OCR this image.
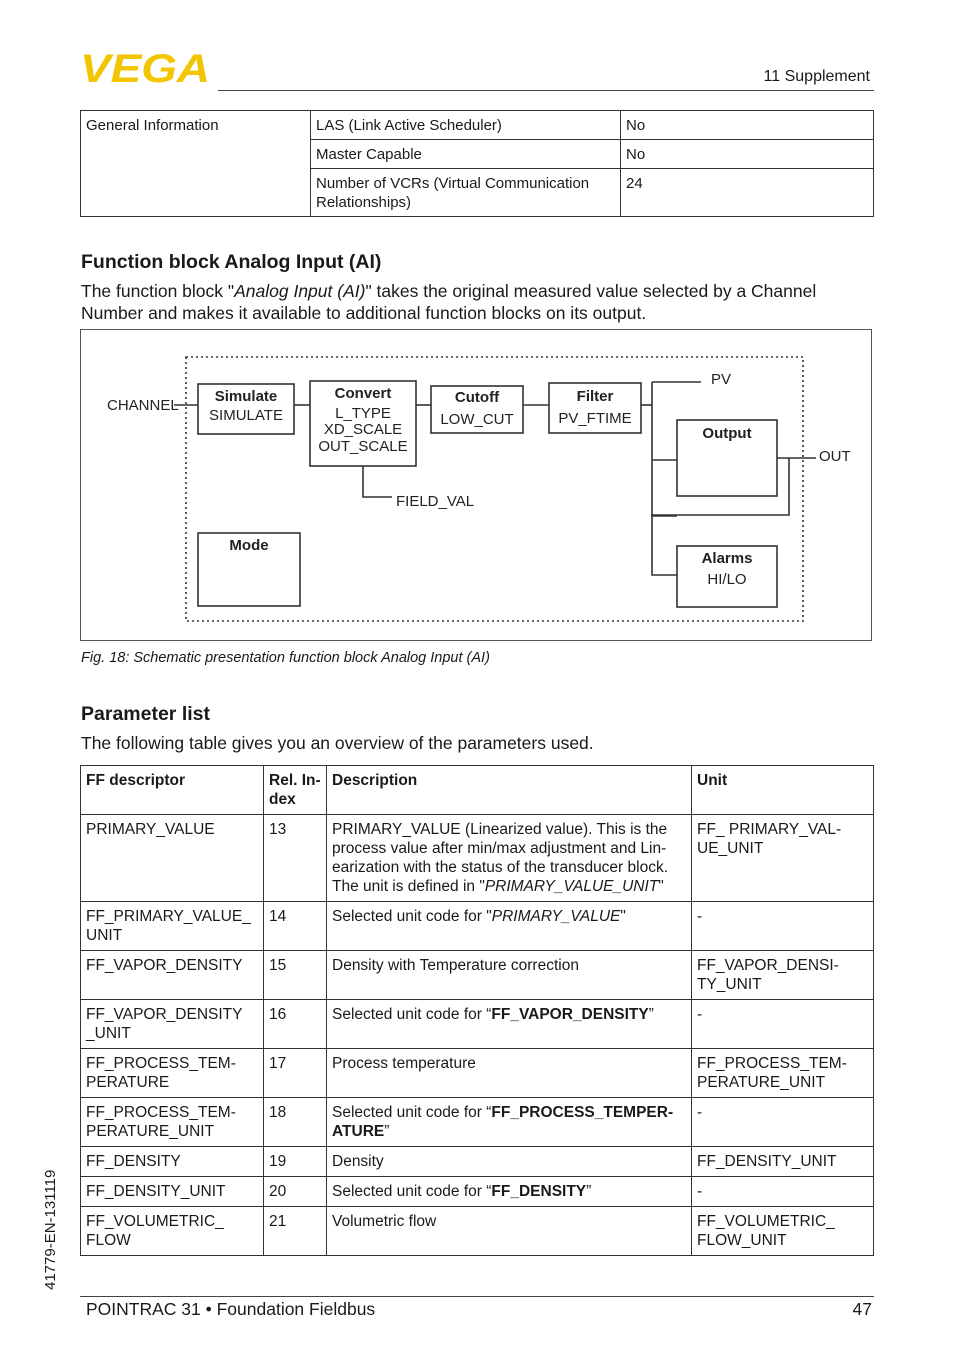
VEGA	11 Supplement
General Information	LAS (Link Active Scheduler)	No
	Master Capable	No
	Number of VCRs (Virtual Communication Relationships)	24
Function block Analog Input (AI)
The function block "Analog Input (AI)" takes the original measured value selected by a Channel Number and makes it available to additional function blocks on its output.
CHANNEL
Simulate
SIMULATE
Convert
L_TYPE
XD_SCALE
OUT_SCALE
Cutoff
LOW_CUT
Filter
PV_FTIME
Output
Mode
Alarms
HI/LO
FIELD_VAL
PV
OUT
Fig. 18: Schematic presentation function block Analog Input (AI)
Parameter list
The following table gives you an overview of the parameters used.
FF descriptor	Rel. In- dex	Description	Unit
PRIMARY_VALUE	13	PRIMARY_VALUE (Linearized value). This is the process value after min/max adjustment and Lin- earization with the status of the transducer block. The unit is defined in "PRIMARY_VALUE_UNIT"	FF_ PRIMARY_VAL- UE_UNIT
FF_PRIMARY_VALUE_ UNIT	14	Selected unit code for "PRIMARY_VALUE"	-
FF_VAPOR_DENSITY	15	Density with Temperature correction	FF_VAPOR_DENSI- TY_UNIT
FF_VAPOR_DENSITY _UNIT	16	Selected unit code for “FF_VAPOR_DENSITY”	-
FF_PROCESS_TEM- PERATURE	17	Process temperature	FF_PROCESS_TEM- PERATURE_UNIT
FF_PROCESS_TEM- PERATURE_UNIT	18	Selected unit code for “FF_PROCESS_TEMPER- ATURE”	-
FF_DENSITY	19	Density	FF_DENSITY_UNIT
FF_DENSITY_UNIT	20	Selected unit code for “FF_DENSITY”	-
FF_VOLUMETRIC_ FLOW	21	Volumetric flow	FF_VOLUMETRIC_ FLOW_UNIT
41779-EN-131119
POINTRAC 31 • Foundation Fieldbus	47
